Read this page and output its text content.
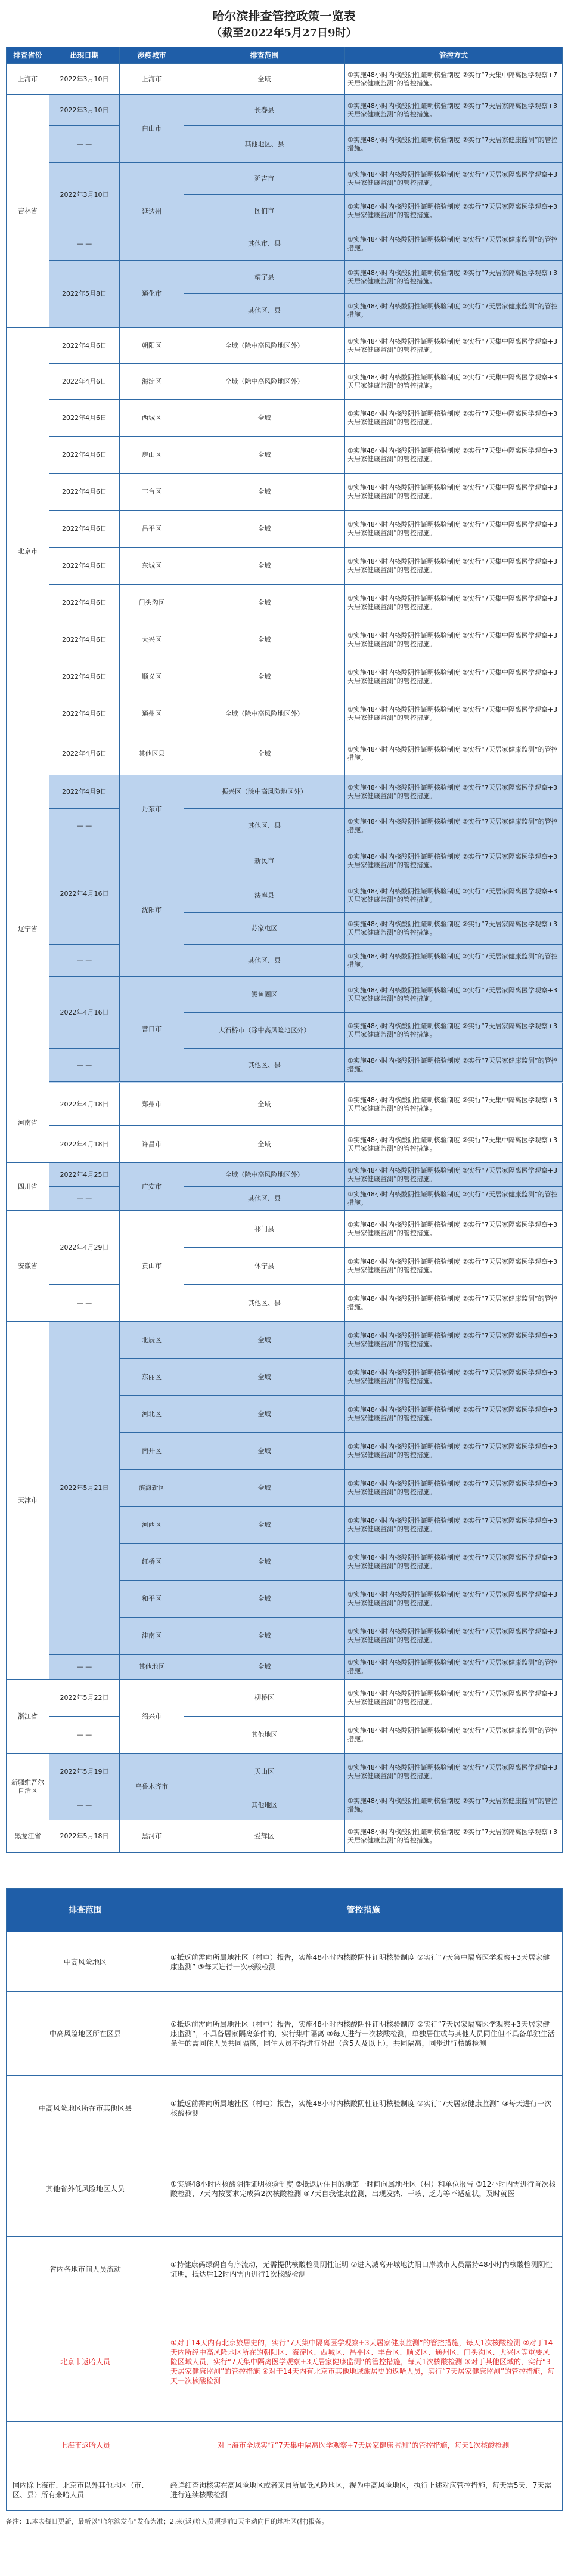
哈尔滨排查管控政策一览表
（截至2022年5月27日9时）
排查省份	出现日期	涉疫城市	排查范围	管控方式
上海市	2022年3月10日	上海市	全域	①实施48小时内核酸阴性证明核验制度 ②实行“7天集中隔离医学观察+7天居家健康监测”的管控措施。
吉林省	2022年3月10日	白山市	长春县	①实施48小时内核酸阴性证明核验制度 ②实行“7天居家隔离医学观察+3天居家健康监测”的管控措施。
	— —		其他地区、县	①实施48小时内核酸阴性证明核验制度 ②实行“7天居家健康监测”的管控措施。
	2022年3月10日	延边州	延吉市	①实施48小时内核酸阴性证明核验制度 ②实行“7天居家隔离医学观察+3天居家健康监测”的管控措施。
			图们市	①实施48小时内核酸阴性证明核验制度 ②实行“7天居家隔离医学观察+3天居家健康监测”的管控措施。
	— —		其他市、县	①实施48小时内核酸阴性证明核验制度 ②实行“7天居家健康监测”的管控措施。
	2022年5月8日	通化市	靖宇县	①实施48小时内核酸阴性证明核验制度 ②实行“7天居家隔离医学观察+3天居家健康监测”的管控措施。
			其他区、县	①实施48小时内核酸阴性证明核验制度 ②实行“7天居家健康监测”的管控措施。

北京市	2022年4月6日	朝阳区	全域（除中高风险地区外）	①实施48小时内核酸阴性证明核验制度 ②实行“7天集中隔离医学观察+3天居家健康监测”的管控措施。
	2022年4月6日	海淀区	全域（除中高风险地区外）	①实施48小时内核酸阴性证明核验制度 ②实行“7天集中隔离医学观察+3天居家健康监测”的管控措施。
	2022年4月6日	西城区	全域	①实施48小时内核酸阴性证明核验制度 ②实行“7天集中隔离医学观察+3天居家健康监测”的管控措施。
	2022年4月6日	房山区	全域	①实施48小时内核酸阴性证明核验制度 ②实行“7天集中隔离医学观察+3天居家健康监测”的管控措施。
	2022年4月6日	丰台区	全域	①实施48小时内核酸阴性证明核验制度 ②实行“7天集中隔离医学观察+3天居家健康监测”的管控措施。
	2022年4月6日	昌平区	全域	①实施48小时内核酸阴性证明核验制度 ②实行“7天集中隔离医学观察+3天居家健康监测”的管控措施。
	2022年4月6日	东城区	全域	①实施48小时内核酸阴性证明核验制度 ②实行“7天集中隔离医学观察+3天居家健康监测”的管控措施。
	2022年4月6日	门头沟区	全域	①实施48小时内核酸阴性证明核验制度 ②实行“7天集中隔离医学观察+3天居家健康监测”的管控措施。
	2022年4月6日	大兴区	全域	①实施48小时内核酸阴性证明核验制度 ②实行“7天集中隔离医学观察+3天居家健康监测”的管控措施。
	2022年4月6日	顺义区	全域	①实施48小时内核酸阴性证明核验制度 ②实行“7天集中隔离医学观察+3天居家健康监测”的管控措施。
	2022年4月6日	通州区	全域（除中高风险地区外）	①实施48小时内核酸阴性证明核验制度 ②实行“7天集中隔离医学观察+3天居家健康监测”的管控措施。
	2022年4月6日	其他区县	全域	①实施48小时内核酸阴性证明核验制度 ②实行“7天居家健康监测”的管控措施。
辽宁省	2022年4月9日	丹东市	振兴区（除中高风险地区外）	①实施48小时内核酸阴性证明核验制度 ②实行“7天居家隔离医学观察+3天居家健康监测”的管控措施。
	— —		其他区、县	①实施48小时内核酸阴性证明核验制度 ②实行“7天居家健康监测”的管控措施。
	2022年4月16日	沈阳市	新民市	①实施48小时内核酸阴性证明核验制度 ②实行“7天居家隔离医学观察+3天居家健康监测”的管控措施。
			法库县	①实施48小时内核酸阴性证明核验制度 ②实行“7天居家隔离医学观察+3天居家健康监测”的管控措施。
			苏家屯区	①实施48小时内核酸阴性证明核验制度 ②实行“7天居家隔离医学观察+3天居家健康监测”的管控措施。
	— —		其他区、县	①实施48小时内核酸阴性证明核验制度 ②实行“7天居家健康监测”的管控措施。
	2022年4月16日	营口市	鲅鱼圈区	①实施48小时内核酸阴性证明核验制度 ②实行“7天居家隔离医学观察+3天居家健康监测”的管控措施。
			大石桥市（除中高风险地区外）	①实施48小时内核酸阴性证明核验制度 ②实行“7天居家隔离医学观察+3天居家健康监测”的管控措施。
	— —		其他区、县	①实施48小时内核酸阴性证明核验制度 ②实行“7天居家健康监测”的管控措施。

河南省	2022年4月18日	郑州市	全域	①实施48小时内核酸阴性证明核验制度 ②实行“7天集中隔离医学观察+3天居家健康监测”的管控措施。
	2022年4月18日	许昌市	全域	①实施48小时内核酸阴性证明核验制度 ②实行“7天集中隔离医学观察+3天居家健康监测”的管控措施。
四川省	2022年4月25日	广安市	全域（除中高风险地区外）	①实施48小时内核酸阴性证明核验制度 ②实行“7天居家隔离医学观察+3天居家健康监测”的管控措施。
	— —		其他区、县	①实施48小时内核酸阴性证明核验制度 ②实行“7天居家健康监测”的管控措施。
安徽省	2022年4月29日	黄山市	祁门县	①实施48小时内核酸阴性证明核验制度 ②实行“7天居家隔离医学观察+3天居家健康监测”的管控措施。
			休宁县	①实施48小时内核酸阴性证明核验制度 ②实行“7天居家隔离医学观察+3天居家健康监测”的管控措施。
	— —		其他区、县	①实施48小时内核酸阴性证明核验制度 ②实行“7天居家健康监测”的管控措施。
天津市	2022年5月21日	北辰区	全域	①实施48小时内核酸阴性证明核验制度 ②实行“7天居家隔离医学观察+3天居家健康监测”的管控措施。
		东丽区	全域	①实施48小时内核酸阴性证明核验制度 ②实行“7天居家隔离医学观察+3天居家健康监测”的管控措施。
		河北区	全域	①实施48小时内核酸阴性证明核验制度 ②实行“7天居家隔离医学观察+3天居家健康监测”的管控措施。
		南开区	全域	①实施48小时内核酸阴性证明核验制度 ②实行“7天居家隔离医学观察+3天居家健康监测”的管控措施。
		滨海新区	全域	①实施48小时内核酸阴性证明核验制度 ②实行“7天居家隔离医学观察+3天居家健康监测”的管控措施。
		河西区	全域	①实施48小时内核酸阴性证明核验制度 ②实行“7天居家隔离医学观察+3天居家健康监测”的管控措施。
		红桥区	全域	①实施48小时内核酸阴性证明核验制度 ②实行“7天居家隔离医学观察+3天居家健康监测”的管控措施。
		和平区	全域	①实施48小时内核酸阴性证明核验制度 ②实行“7天居家隔离医学观察+3天居家健康监测”的管控措施。
		津南区	全域	①实施48小时内核酸阴性证明核验制度 ②实行“7天居家隔离医学观察+3天居家健康监测”的管控措施。
	— —	其他地区	全域	①实施48小时内核酸阴性证明核验制度 ②实行“7天居家健康监测”的管控措施。
浙江省	2022年5月22日	绍兴市	柳桥区	①实施48小时内核酸阴性证明核验制度 ②实行“7天居家隔离医学观察+3天居家健康监测”的管控措施。
	— —		其他地区	①实施48小时内核酸阴性证明核验制度 ②实行“7天居家健康监测”的管控措施。
新疆维吾尔自治区	2022年5月19日	乌鲁木齐市	天山区	①实施48小时内核酸阴性证明核验制度 ②实行“7天居家隔离医学观察+3天居家健康监测”的管控措施。
	— —		其他地区	①实施48小时内核酸阴性证明核验制度 ②实行“7天居家健康监测”的管控措施。
黑龙江省	2022年5月18日	黑河市	爱辉区	①实施48小时内核酸阴性证明核验制度 ②实行“7天居家隔离医学观察+3天居家健康监测”的管控措施。
排查范围	管控措施
中高风险地区	①抵返前需向所属地社区（村屯）报告，实施48小时内核酸阴性证明核验制度 ②实行“7天集中隔离医学观察+3天居家健康监测” ③每天进行一次核酸检测
中高风险地区所在区县	①抵返前需向所属地社区（村屯）报告，实施48小时内核酸阴性证明核验制度 ②实行“7天居家隔离医学观察+3天居家健康监测”，不具备居家隔离条件的，实行集中隔离 ③每天进行一次核酸检测，单独居住或与其他人员同住但不具备单独生活条件的需同住人员共同隔离，同住人员不得进行外出（含5人及以上），共同隔离，同步进行核酸检测
中高风险地区所在市其他区县	①抵返前需向所属地社区（村屯）报告，实施48小时内核酸阴性证明核验制度 ②实行“7天居家健康监测” ③每天进行一次核酸检测
其他省外低风险地区人员	①实施48小时内核酸阴性证明核验制度 ②抵返居住目的地第一时间向属地社区（村）和单位报告 ③12小时内需进行首次核酸检测，7天内按要求完成第2次核酸检测 ④7天自我健康监测，出现发热、干咳、乏力等不适症状，及时就医
省内各地市间人员流动	①持健康码绿码自有序流动，无需提供核酸检测阴性证明 ②进入减离开城地沈阳口岸城市人员需持48小时内核酸检测阴性证明，抵达后12时内需再进行1次核酸检测
北京市返哈人员	①对于14天内有北京旅居史的，实行“7天集中隔离医学观察+3天居家健康监测”的管控措施，每天1次核酸检测 ②对于14天内所经中高风险地区所在的朝阳区、海淀区、西城区、昌平区、丰台区、顺义区、通州区、门头沟区、大兴区等重要风险区域人员，实行“7天集中隔离医学观察+3天居家健康监测”的管控措施，每天1次核酸检测 ③对于其他区域的，实行“3天居家健康监测”的管控措施 ④对于14天内有北京市其他地域旅居史的返哈人员，实行“7天居家健康监测”的管控措施，每天一次核酸检测
上海市返哈人员	对上海市全域实行“7天集中隔离医学观察+7天居家健康监测”的管控措施，每天1次核酸检测
国内除上海市、北京市以外其他地区（市、区、县）所有来哈人员	经详细查询核实在高风险地区或者来自所属低风险地区，视为中高风险地区，执行上述对应管控措施，每天需5天、7天需进行连续核酸检测
备注：1.本表每日更新，最新以“哈尔滨发布”发布为准；2.来(返)哈人员须提前3天主动向目的地社区(村)报备。
